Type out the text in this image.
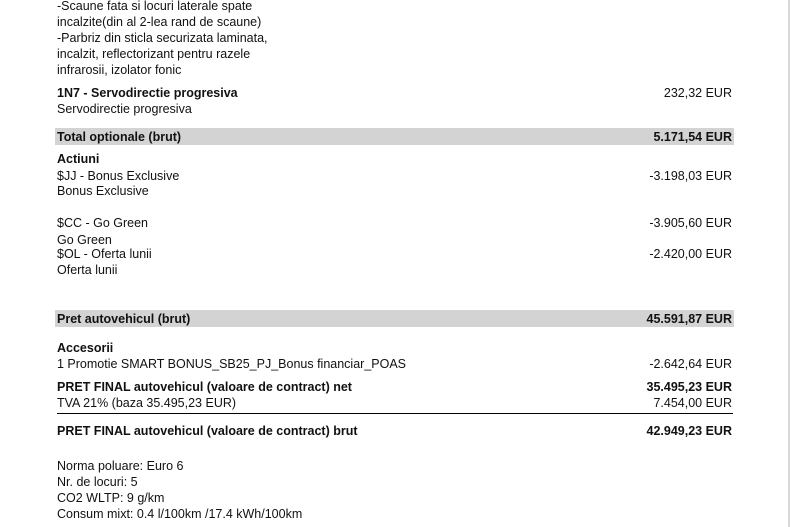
-Scaune fata si locuri laterale spate
incalzite(din al 2-lea rand de scaune)
-Parbriz din sticla securizata laminata,
incalzit, reflectorizant pentru razele
infrarosii, izolator fonic
1N7 - Servodirectie progresiva	232,32 EUR
Servodirectie progresiva
Total optionale (brut)	5.171,54 EUR
Actiuni
$JJ - Bonus Exclusive	-3.198,03 EUR
Bonus Exclusive
$CC - Go Green	-3.905,60 EUR
Go Green
$OL - Oferta lunii	-2.420,00 EUR
Oferta lunii
Pret autovehicul (brut)	45.591,87 EUR
Accesorii
1 Promotie SMART BONUS_SB25_PJ_Bonus financiar_POAS	-2.642,64 EUR
PRET FINAL autovehicul (valoare de contract) net	35.495,23 EUR
TVA 21% (baza 35.495,23 EUR)	7.454,00 EUR
PRET FINAL autovehicul (valoare de contract) brut	42.949,23 EUR
Norma poluare: Euro 6
Nr. de locuri: 5
CO2 WLTP: 9 g/km
Consum mixt: 0.4 l/100km /17.4 kWh/100km
